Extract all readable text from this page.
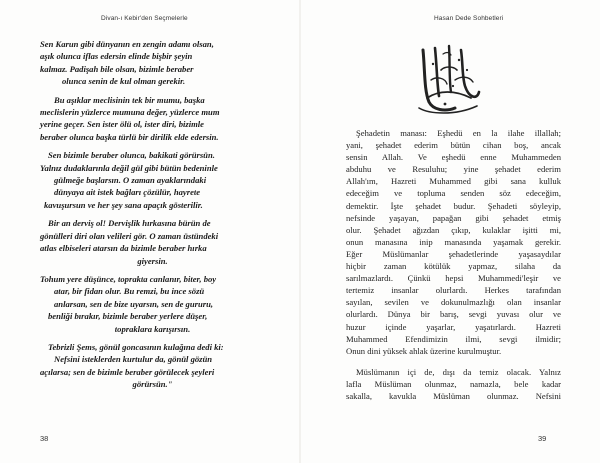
Divan-ı Kebir'den Seçmelerle

Sen Karun gibi dünyanın en zengin adamı olsan,
aşık olunca iflas edersin elinde bişbir şeyin
kalmaz. Padişah bile olsan, bizimle beraber
olunca senin de kul olman gerekir.

Bu aşıklar meclisinin tek bir mumu, başka
meclislerin yüzlerce mumuna değer, yüzlerce mum
yerine geçer. Sen ister ölü ol, ister diri, bizimle
beraber olunca başka türlü bir dirilik elde edersin.

Sen bizimle beraber olunca, bakikati görürsün.
Yalnız dudaklarınla değil gül gibi bütün bedeninle
gülmeğe başlarsın. O zaman ayaklarındaki
dünyaya ait istek bağları çözülür, hayrete
kavuşursun ve her şey sana apaçık gösterilir.

Bir an derviş ol! Dervişlik hırkasına bürün de
gönülleri diri olan velileri gör. O zaman üstündeki
atlas elbiseleri atarsın da bizimle beraber hırka
giyersin.

Tohum yere düşünce, toprakta canlanır, biter, boy
atar, bir fidan olur. Bu remzi, bu ince sözü
anlarsan, sen de bize uyarsın, sen de gururu,
benliği bırakır, bizimle beraber yerlere düşer,
topraklara karışırsın.

Tebrizli Şems, gönül goncasının kulağına dedi ki:
Nefsini isteklerden kurtulur da, gönül gözün
açılarsa; sen de bizimle beraber görülecek şeyleri
görürsün."

38
Hasan Dede Sohbetleri

Şehadetin manası: Eşhedü en la ilahe illallah;
yani, şehadet ederim bütün cihan boş, ancak
sensin Allah. Ve eşhedü enne Muhammeden
abduhu ve Resuluhu; yine şehadet ederim
Allah'ım, Hazreti Muhammed gibi sana kulluk
edeceğim ve topluma senden söz edeceğim,
demektir. İşte şehadet budur. Şehadeti söyleyip,
nefsinde yaşayan, papağan gibi şehadet etmiş
olur. Şehadet ağızdan çıkıp, kulaklar işitti mi,
onun manasına inip manasında yaşamak gerekir.
Eğer Müslümanlar şehadetlerinde yaşasaydılar
hiçbir zaman kötülük yapmaz, silaha da
sarılmazlardı. Çünkü hepsi Muhammedi'leşir ve
tertemiz insanlar olurlardı. Herkes tarafından
sayılan, sevilen ve dokunulmazlığı olan insanlar
olurlardı. Dünya bir barış, sevgi yuvası olur ve
huzur içinde yaşarlar, yaşatırlardı. Hazreti
Muhammed Efendimizin ilmi, sevgi ilmidir;
Onun dini yüksek ahlak üzerine kurulmuştur.

Müslümanın içi de, dışı da temiz olacak. Yalnız
lafla Müslüman olunmaz, namazla, bele kadar
sakalla, kavukla Müslüman olunmaz. Nefsini

39
